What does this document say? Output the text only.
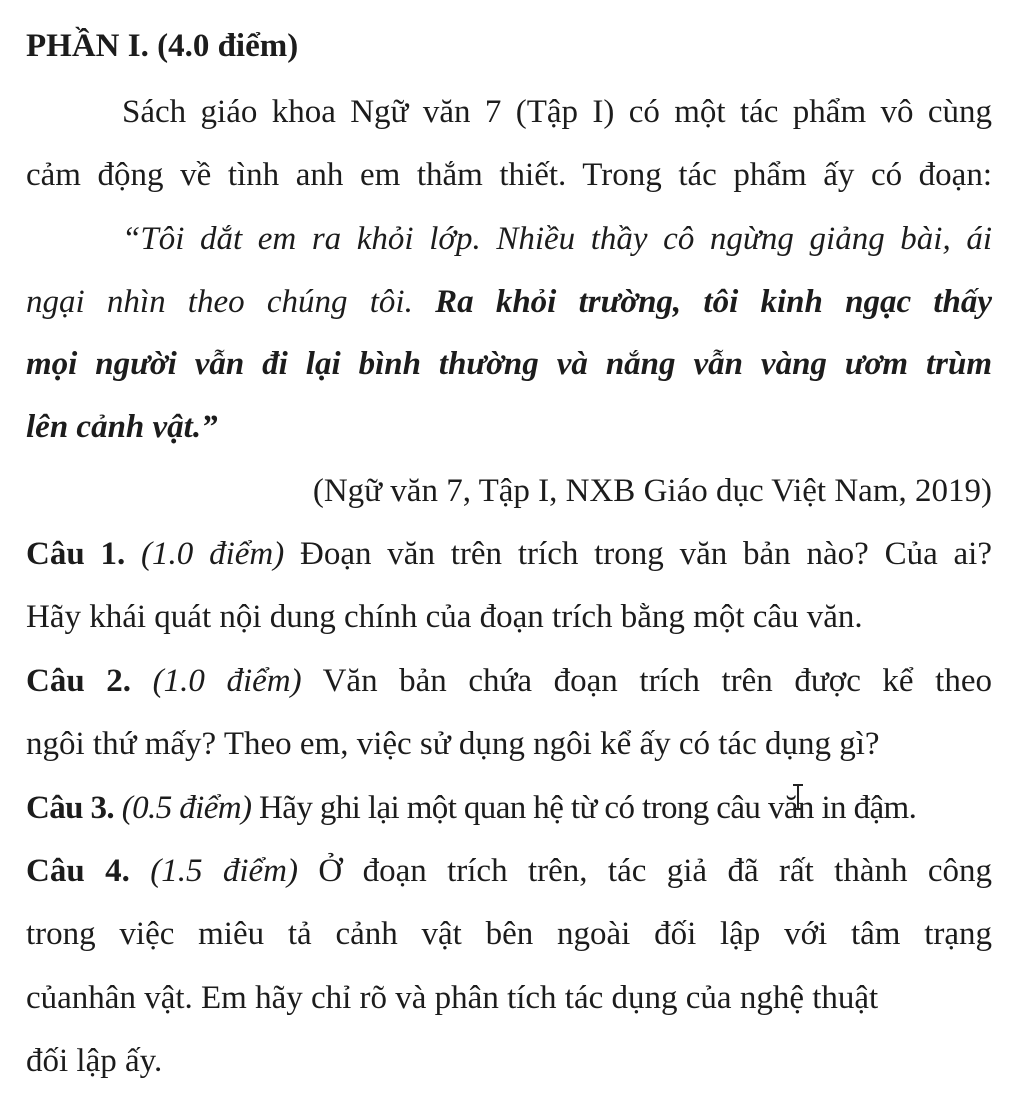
PHẦN I. (4.0 điểm)
Sách giáo khoa Ngữ văn 7 (Tập I) có một tác phẩm vô cùng
cảm động về tình anh em thắm thiết. Trong tác phẩm ấy có đoạn:
“Tôi dắt em ra khỏi lớp. Nhiều thầy cô ngừng giảng bài, ái
ngại nhìn theo chúng tôi. Ra khỏi trường, tôi kinh ngạc thấy
mọi người vẫn đi lại bình thường và nắng vẫn vàng ươm trùm
lên cảnh vật.”
(Ngữ văn 7, Tập I, NXB Giáo dục Việt Nam, 2019)
Câu 1. (1.0 điểm) Đoạn văn trên trích trong văn bản nào? Của ai?
Hãy khái quát nội dung chính của đoạn trích bằng một câu văn.
Câu 2. (1.0 điểm) Văn bản chứa đoạn trích trên được kể theo
ngôi thứ mấy? Theo em, việc sử dụng ngôi kể ấy có tác dụng gì?
Câu 3. (0.5 điểm) Hãy ghi lại một quan hệ từ có trong câu văn in đậm.
Câu 4. (1.5 điểm) Ở đoạn trích trên, tác giả đã rất thành công
trong việc miêu tả cảnh vật bên ngoài đối lập với tâm trạng
củanhân vật. Em hãy chỉ rõ và phân tích tác dụng của nghệ thuật
đối lập ấy.
